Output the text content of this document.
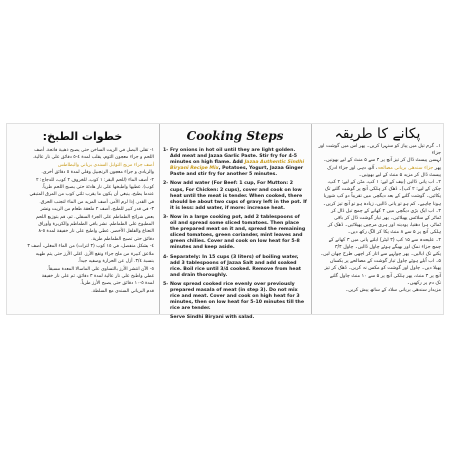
خطوات الطبخ:

١- تقلى البصل في الزيت الساخن حتى يصبح ذهبية فاتحة. أضف

اللحم و جزاء معجون الثوم، يقلب لمدة ٤-٥ دقائق على نار عالية.

أضف جزاء مزيج التوابل السندي برياني والبطاطس

والزبادي و جزاء معجون الزنجبيل وقلي لمدة ٥ دقائق أخرى.

٢- أضف الماء (للحم البقر: ١ كوب، للخروف ٢ كوب، للدجاج: ٢

كوب). غطيها واطبخها على نار هادئة حتى يصبح اللحم طرياً.

عندما يطبخ، ينبغي أن يكون ما يقرب ثلثي كوب من المرق المتبقي

في القدر. إذا لزم الأمر، أضف المزيد من الماء لتجنب الحرق.

٣- في قدر كبير للطبخ، أضف ٢ ملعقة طعام من الزيت ونشر

بعض شرائح الطماطم على الجزء السفلي. ثم، قم بتوزيع اللحم

المطبوخ على الطماطم. نشر باقي الطماطم والكزبرة وأوراق

النعناع والفلفل الأخضر. غطي واطبخ على نار خفيفة لمدة ٥-٨

دقائق حتى تصبح الطماطم طرية.

٤- بشكل منفصل، في ١٥ كوب (٣ لترات) من الماء المغلي، أضف ٣

ملاعق كبيرة من ملح جزاء ونقع الأرز. اغلي الأرز حتى يتم طهيه

بنسبة ٣/٤. أزل عن الحرارة وصفيه جيداً.

٥- الآن انتشر الأرز بالتساوي على الماسالا المعدة مسبقاً.

غطي واطبخ على نار عالية لمدة ٣ دقائق، ثم على نار خفيفة

لمدة ٥-١٠ دقائق حتى يصبح الأرز طرياً.

قدم البرياني السندي مع السلطة.

Cooking Steps
1- Fry onions in hot oil until they are light golden. Add meat and Jazaa Garlic Paste. Stir fry for 4-5 minutes on high flame. Add Jazaa Authentic Sindhi Biryani Recipe Mix, Potatoes, Yogurt, Jazaa Ginger Paste and stir fry for another 5 minutes.
2- Now add water (For Beef: 1 cup, For Mutton: 2 cups, For Chicken: 2 cups), cover and cook on low heat until the meat is tender. When cooked, there should be about two cups of gravy left in the pot. If it is less: add water, if more: increase heat.
3- Now in a large cooking pot, add 2 tablespoons of oil and spread some sliced tomatoes. Then place the prepared meat on it and, spread the remaining sliced tomatoes, green coriander, mint leaves and green chilies. Cover and cook on low heat for 5-8 minutes and keep aside.
4- Separately: In 15 cups (3 liters) of boiling water, add 3 tablespoons of Jazaa Salt and add soaked rice. Boil rice until 3/4 cooked. Remove from heat and drain thoroughly.
5- Now spread cooked rice evenly over previously prepared masala of meat (in step 3). Do not mix rice and meat. Cover and cook on high heat for 3 minutes, then on low heat for 5-10 minutes till the rice are tender.
Serve Sindhi Biryani with salad.
پکانے کا طریقہ

۱۔ گرم تیل میں پیاز کو سنہرا کریں۔ پھر اس میں گوشت اور جزاء

لہسن پیسٹ ڈال کر تیز آنچ پر ۴ سے ۵ منٹ کے لیے بھونیں۔

پھر جزاء سندھی بریانی مصالحہ، آلو، دہی اور جزاء ادرک

پیسٹ ڈال کر مزید ۵ منٹ کے لیے بھونیں۔

۲۔ اب پانی ڈالیں (بیف کے لیے: ۱ کپ، مٹن کے لیے: ۲ کپ،

چکن کے لیے: ۲ کپ)۔ ڈھک کر ہلکی آنچ پر گوشت گلنے تک

پکائیں۔ گوشت گلنے کے بعد دیگچی میں تقریباً دو کپ شوربا

ہونا چاہیے۔ کم ہو تو پانی ڈالیں، زیادہ ہو تو آنچ تیز کریں۔

۳۔ اب ایک بڑی دیگچی میں ۲ کھانے کے چمچ تیل ڈال کر

ٹماٹر کے سلائس پھیلائیں۔ پھر تیار گوشت ڈال کر باقی

ٹماٹر، ہرا دھنیا، پودینہ اور ہری مرچیں پھیلائیں۔ ڈھک کر

ہلکی آنچ پر ۵ سے ۸ منٹ پکا کر الگ رکھ دیں۔

۴۔ علیحدہ سے ۱۵ کپ (۳ لیٹر) ابلتے پانی میں ۳ کھانے کے

چمچ جزاء نمک اور بھیگے ہوئے چاول ڈالیں۔ چاول ۳/۴

پکنے تک ابالیں۔ پھر چولہے سے اتار کر اچھی طرح چھان لیں۔

۵۔ اب اُبلے ہوئے چاول تیار گوشت کے مصالحے پر یکساں

پھیلا دیں۔ چاول اور گوشت کو مکس نہ کریں۔ ڈھک کر تیز

آنچ پر ۳ منٹ، پھر ہلکی آنچ پر ۵ سے ۱۰ منٹ چاول گلنے

تک دم پر رکھیں۔

مزیدار سندھی بریانی سلاد کے ساتھ پیش کریں۔
